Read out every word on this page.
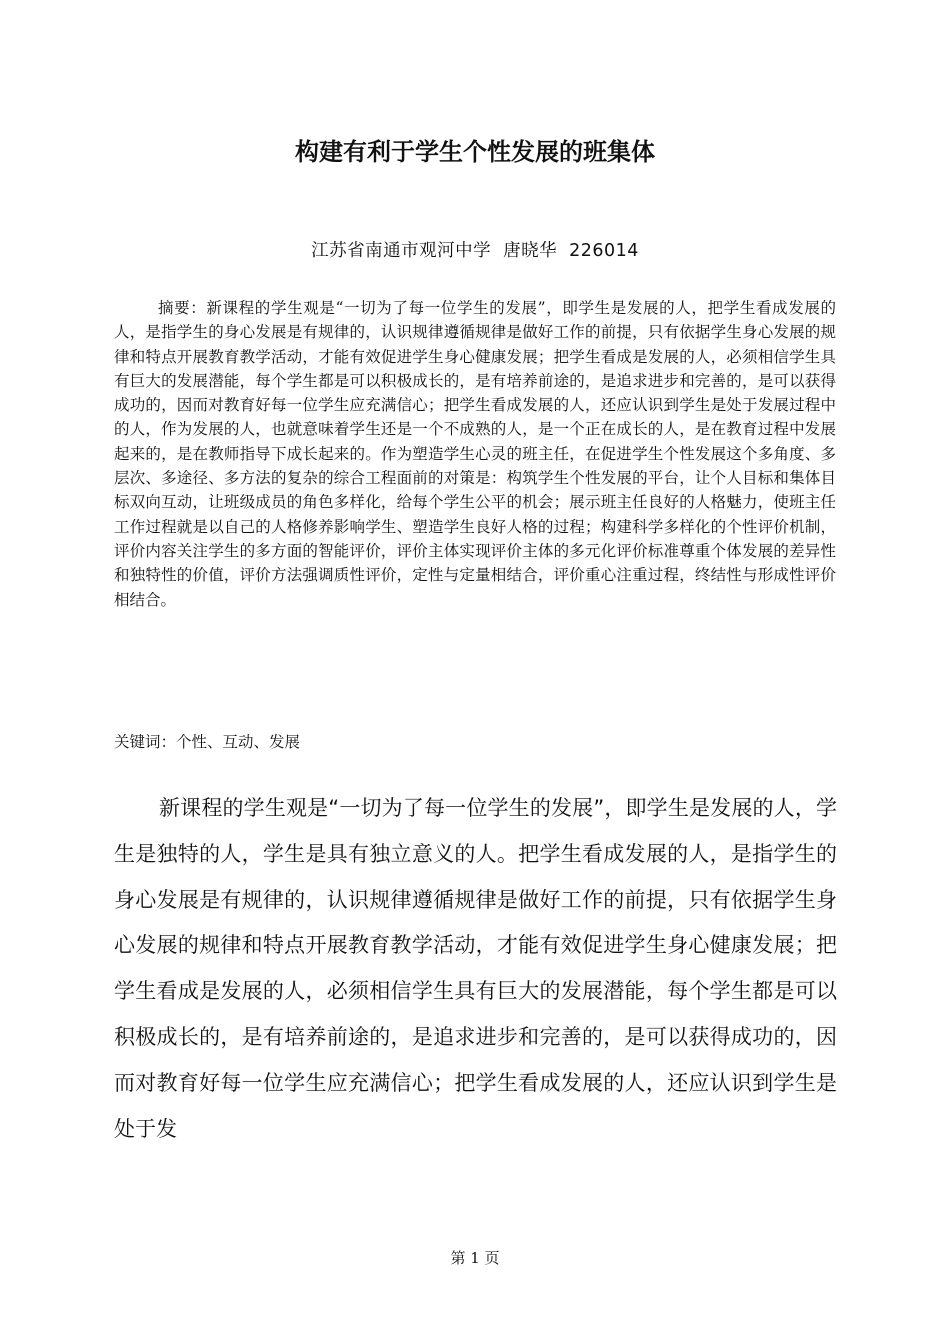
构建有利于学生个性发展的班集体
江苏省南通市观河中学 唐晓华 226014

摘要：新课程的学生观是“一切为了每一位学生的发展”，即学生是发展的人，把学生看成发展的人，是指学生的身心发展是有规律的，认识规律遵循规律是做好工作的前提，只有依据学生身心发展的规律和特点开展教育教学活动，才能有效促进学生身心健康发展；把学生看成是发展的人，必须相信学生具有巨大的发展潜能，每个学生都是可以积极成长的，是有培养前途的，是追求进步和完善的，是可以获得成功的，因而对教育好每一位学生应充满信心；把学生看成发展的人，还应认识到学生是处于发展过程中的人，作为发展的人，也就意味着学生还是一个不成熟的人，是一个正在成长的人，是在教育过程中发展起来的，是在教师指导下成长起来的。作为塑造学生心灵的班主任，在促进学生个性发展这个多角度、多层次、多途径、多方法的复杂的综合工程面前的对策是：构筑学生个性发展的平台，让个人目标和集体目标双向互动，让班级成员的角色多样化，给每个学生公平的机会；展示班主任良好的人格魅力，使班主任工作过程就是以自己的人格修养影响学生、塑造学生良好人格的过程；构建科学多样化的个性评价机制，评价内容关注学生的多方面的智能评价，评价主体实现评价主体的多元化评价标准尊重个体发展的差异性和独特性的价值，评价方法强调质性评价，定性与定量相结合，评价重心注重过程，终结性与形成性评价相结合。

关键词：个性、互动、发展

新课程的学生观是“一切为了每一位学生的发展”，即学生是发展的人，学生是独特的人，学生是具有独立意义的人。把学生看成发展的人，是指学生的身心发展是有规律的，认识规律遵循规律是做好工作的前提，只有依据学生身心发展的规律和特点开展教育教学活动，才能有效促进学生身心健康发展；把学生看成是发展的人，必须相信学生具有巨大的发展潜能，每个学生都是可以积极成长的，是有培养前途的，是追求进步和完善的，是可以获得成功的，因而对教育好每一位学生应充满信心；把学生看成发展的人，还应认识到学生是处于发

第 1 页
